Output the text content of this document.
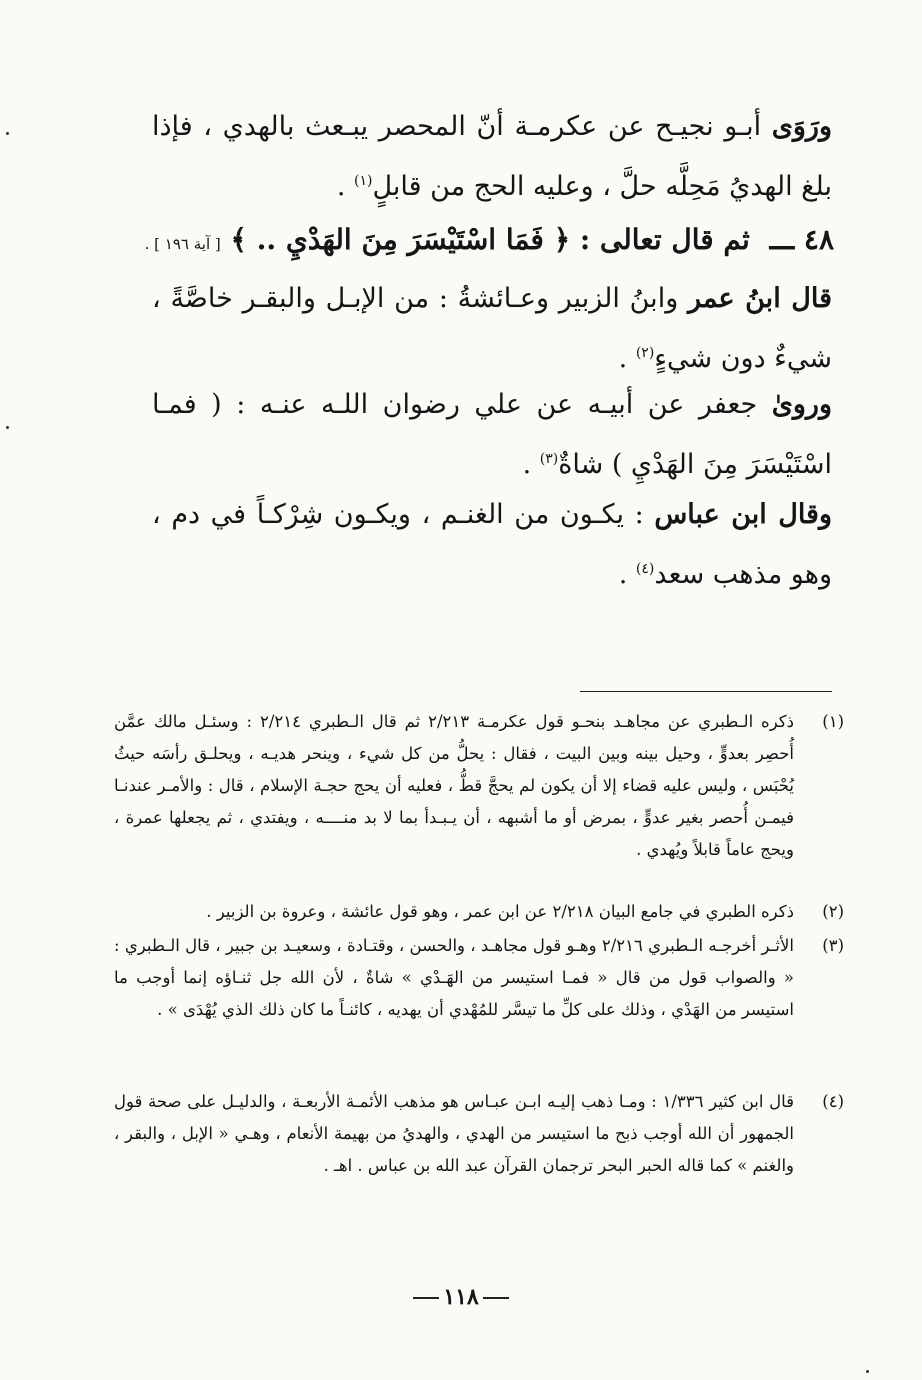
ورَوَى أبـو نجيـح عن عكرمـة أنّ المحصر يبـعث بالهدي ، فإذا بلغ الهديُ مَحِلَّه حلَّ ، وعليه الحج من قابلٍ$^{(١)}$ .

٤٨ ـــ ثم قال تعالى : ﴿ فَمَا اسْتَيْسَرَ مِنَ الهَدْيِ .. ﴾ [ آية ١٩٦ ] .

قال ابنُ عمر وابنُ الزبير وعـائشةُ : من الإبـل والبقـر خاصَّةً ، شيءٌ دون شيءٍ$^{(٢)}$ .

وروىٰ جعفر عن أبيـه عن علي رضوان اللـه عنـه : ( فمـا اسْتَيْسَرَ مِنَ الهَدْيِ ) شاةٌ$^{(٣)}$ .

وقال ابن عباس : يكـون من الغنـم ، ويكـون شِرْكـاً في دم ، وهو مذهب سعد$^{(٤)}$ .

(١)
ذكره الـطبري عن مجاهـد بنحـو قول عكرمـة ٢/٢١٣ ثم قال الـطبري ٢/٢١٤ : وسئـل مالك عمَّن أُحصِر بعدوٍّ ، وحيل بينه وبين البيت ، فقال : يحلُّ من كل شيء ، وينحر هديـه ، ويحلـق رأسَه حيثُ يُحْبَس ، وليس عليه قضاء إلا أن يكون لم يحجَّ قطُّ ، فعليه أن يحج حجـة الإسلام ، قال : والأمـر عندنـا فيمـن أُحصر بغير عدوٍّ ، بمرض أو ما أشبهه ، أن يـبـدأ بما لا بد منــــه ، ويفتدي ، ثم يجعلها عمرة ، ويحج عاماً قابلاً ويُهدي .
(٢)
ذكره الطبري في جامع البيان ٢/٢١٨ عن ابن عمر ، وهو قول عائشة ، وعروة بن الزبير .
(٣)
الأثـر أخرجـه الـطبري ٢/٢١٦ وهـو قول مجاهـد ، والحسن ، وقتـادة ، وسعيـد بن جبير ، قال الـطبري : « والصواب قول من قال « فمـا استيسر من الهَـدْي » شاةٌ ، لأن الله جل ثنـاؤه إنما أوجب ما استيسر من الهَدْي ، وذلك على كلِّ ما تيسَّر للمُهْدي أن يهديه ، كائنـاً ما كان ذلك الذي يُهْدَى » .
(٤)
قال ابن كثير ١/٣٣٦ : ومـا ذهب إليـه ابـن عبـاس هو مذهب الأئمـة الأربعـة ، والدليـل على صحة قول الجمهور أن الله أوجب ذبح ما استيسر من الهدي ، والهديُ من بهيمة الأنعام ، وهـي « الإبل ، والبقر ، والغنم » كما قاله الحبر البحر ترجمان القرآن عبد الله بن عباس . اهـ .
١١٨
